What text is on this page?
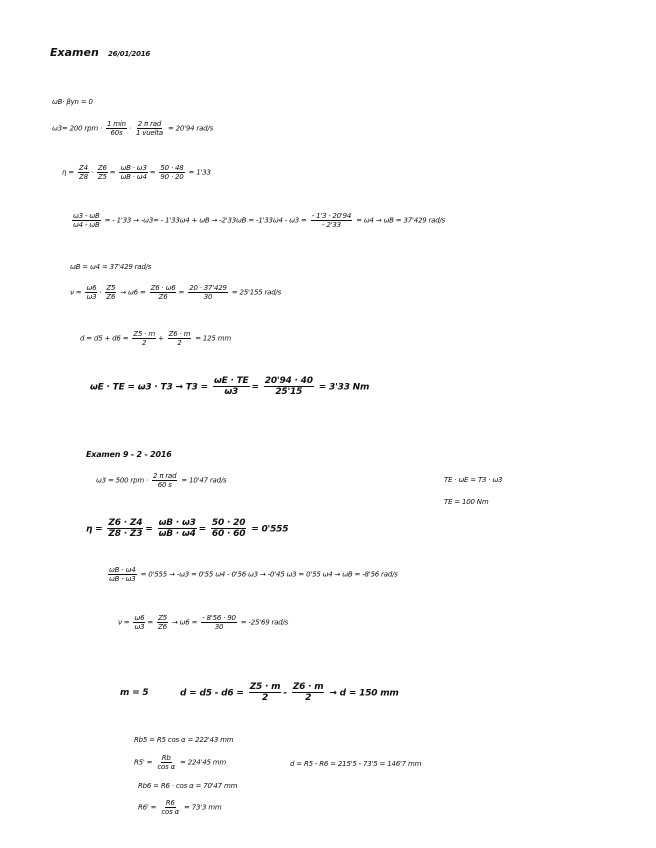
Examen 26/01/2016
ωB· βyn = 0
ω3= 200 rpm · $\frac{1 \min}{60s} \cdot \frac{\text{2 π rad}}{\text{1 vuelta}} = 20'94$ rad/s
$\eta = \frac{Z4}{Z8} \cdot \frac{Z6}{Z5} = \frac{\omega B \cdot \omega 3}{\omega B \cdot \omega 4} = \frac{50 \cdot 48}{90 \cdot 20} = 1'33$
$\frac{\omega 3 - \omega B}{\omega 4 - \omega B}$ = - $1'33 \to -\omega 3= - 1'33\omega 4 + \omega B \to -2'33\omega B = -1'33\omega 4 - \omega 3 = \frac{- 1'3 \cdot 20'94}{- 2'33} = \omega 4 \to \omega B = 37'429$ rad/s
ωB = ω4 = 37'429 rad/s
$\nu = \frac{\omega 6}{\omega 3} \cdot \frac{Z5}{Z6} \to \omega 6 = \frac{Z6 \cdot \omega 6}{Z6} = \frac{20 \cdot 37'429}{30} = 25'155$ rad/s
$d = d5 + d6 = \frac{Z5 \cdot m}{2} + \frac{Z6 \cdot m}{2} = 125$ mm
ωE · TE = $\omega 3 \cdot T3 \to T3 = \frac{\omega E \cdot TE}{\omega 3} = \frac{20'94 \cdot 40}{25'15} = 3'33$ Nm
Examen 9 - 2 - 2016
ω3 = 500 rpm · $\frac{\text{2 π rad}}{60 s} = 10'47$ rad/s	TE · ωE = T3 · ω3
TE = 100 Nm
$\eta = \frac{Z6 \cdot Z4}{Z8 \cdot Z3} = \frac{\omega B \cdot \omega 3}{\omega B \cdot \omega 4} = \frac{50 \cdot 20}{60 \cdot 60} = 0'555$
$\frac{\omega B - \omega 4}{\omega B - \omega 3} = 0'555 \to -\omega 3 = 0'55$ ω4 - 0'56 ω3 → -0'45 ω3 = 0'55 ω4 → ωB = -8'56 rad/s
$\nu = \frac{\omega 6}{\omega 3} = \frac{Z5}{Z6} \to \omega 6 = \frac{- 8'56 \cdot 90}{30} = -25'69$ rad/s
m = 5	$d = d5 - d6 = \frac{Z5 \cdot m}{2} - \frac{Z6 \cdot m}{2} \to d = 150$ mm
Rb5 = R5 cos α = 222'43 mm
$R5' = \frac{Rb}{\text{cos α}} = 224'45$ mm	d = R5 - R6 = 215'5 - 73'5 = 146'7 mm
Rb6 = R6 · cos α = 70'47 mm
$R6' = \frac{R6}{\text{cos α}} = 73'3$ mm
